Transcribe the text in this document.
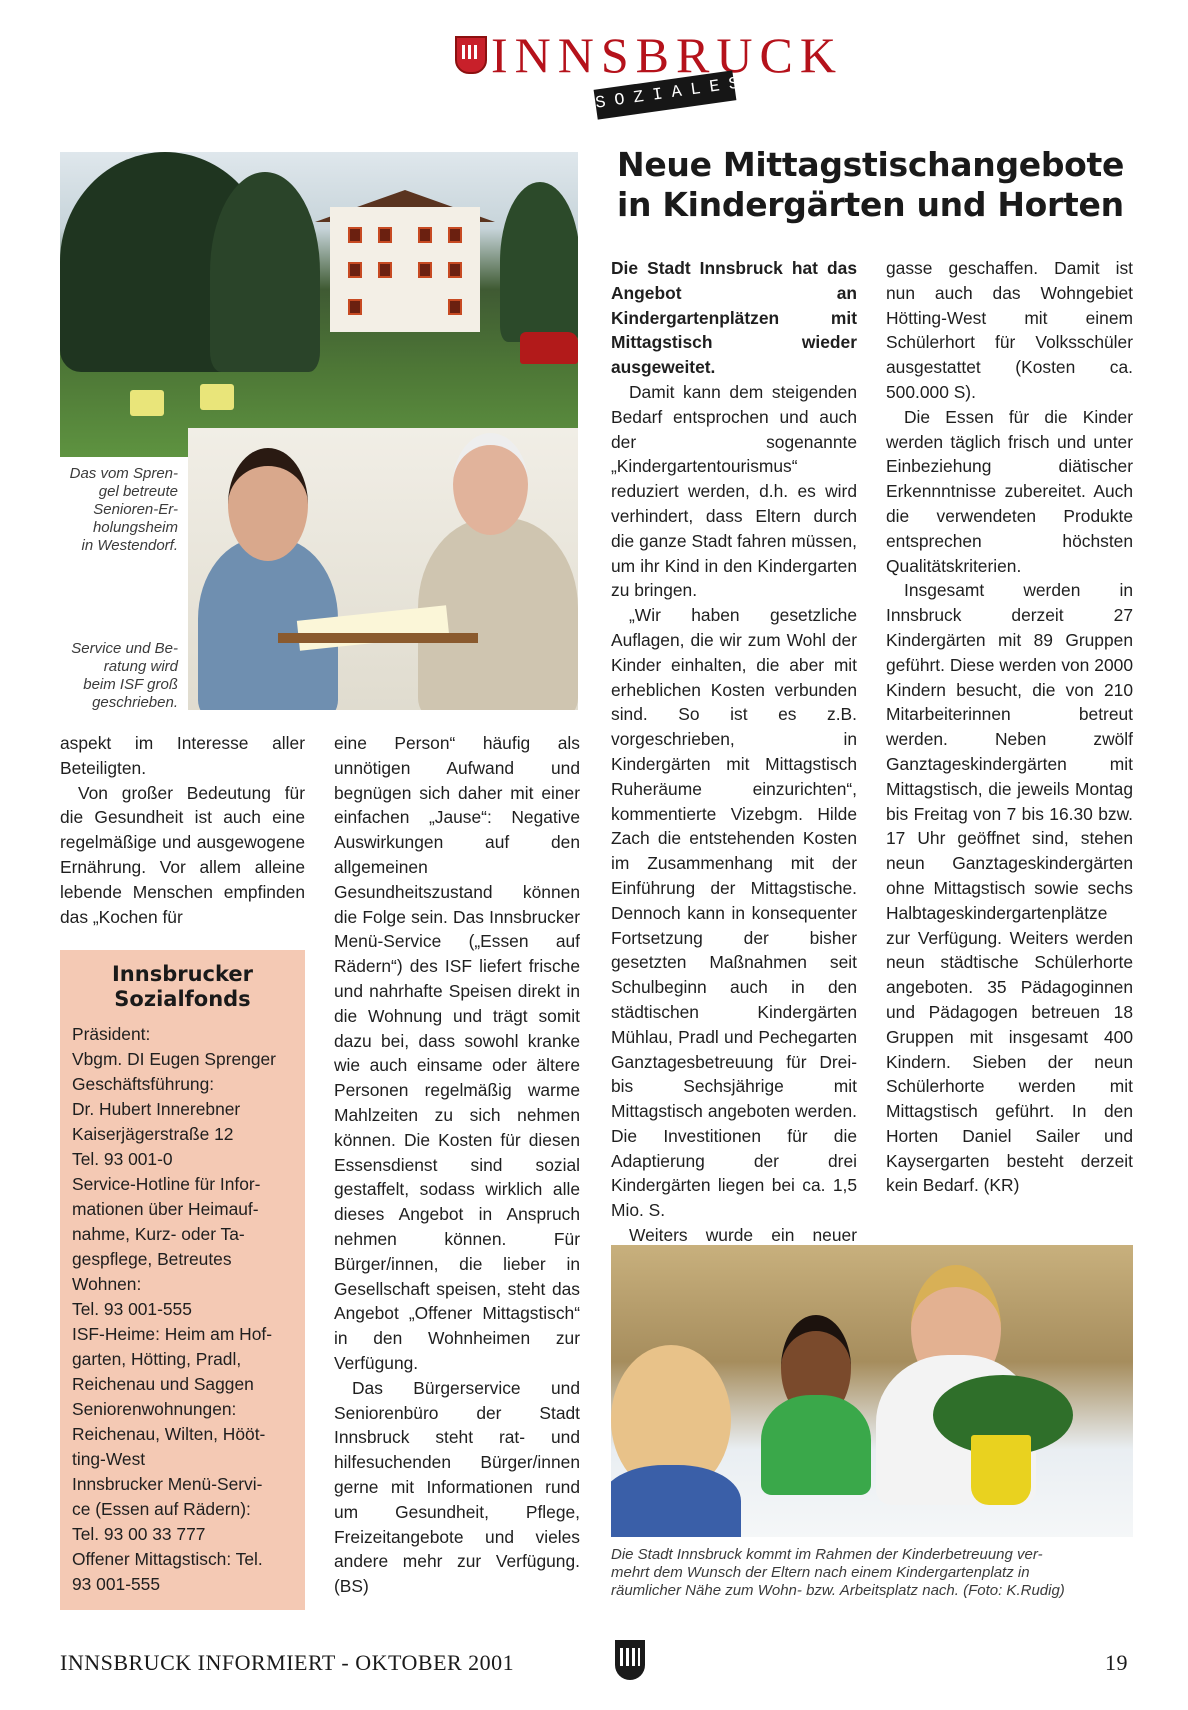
INNSBRUCK
SOZIALES
Das vom Spren-
gel betreute
Senioren-Er-
holungsheim
in Westendorf.
Service und Be-
ratung wird
beim ISF groß
geschrieben.
Neue Mittagstischangebote
in Kindergärten und Horten

aspekt im Interesse aller Beteiligten.

Von großer Bedeutung für die Gesundheit ist auch eine regelmäßige und ausgewogene Ernährung. Vor allem alleine lebende Menschen empfinden das „Kochen für

Innsbrucker
Sozialfonds
Präsident:
Vbgm. DI Eugen Sprenger
Geschäftsführung:
Dr. Hubert Innerebner
Kaiserjägerstraße 12
Tel. 93 001-0
Service-Hotline für Infor-
mationen über Heimauf-
nahme, Kurz- oder Ta-
gespflege, Betreutes
Wohnen:
Tel. 93 001-555
ISF-Heime: Heim am Hof-
garten, Hötting, Pradl,
Reichenau und Saggen
Seniorenwohnungen:
Reichenau, Wilten, Hööt-
ting-West
Innsbrucker Menü-Servi-
ce (Essen auf Rädern):
Tel. 93 00 33 777
Offener Mittagstisch: Tel.
93 001-555

eine Person“ häufig als unnötigen Aufwand und begnügen sich daher mit einer einfachen „Jause“: Negative Auswirkungen auf den allgemeinen Gesundheitszustand können die Folge sein. Das Innsbrucker Menü-Service („Essen auf Rädern“) des ISF liefert frische und nahrhafte Speisen direkt in die Wohnung und trägt somit dazu bei, dass sowohl kranke wie auch einsame oder ältere Personen regelmäßig warme Mahlzeiten zu sich nehmen können. Die Kosten für diesen Essensdienst sind sozial gestaffelt, sodass wirklich alle dieses Angebot in Anspruch nehmen können. Für Bürger/innen, die lieber in Gesellschaft speisen, steht das Angebot „Offener Mittagstisch“ in den Wohnheimen zur Verfügung.

Das Bürgerservice und Seniorenbüro der Stadt Innsbruck steht rat- und hilfesuchenden Bürger/innen gerne mit Informationen rund um Gesundheit, Pflege, Freizeitangebote und vieles andere mehr zur Verfügung. (BS)

Die Stadt Innsbruck hat das Angebot an Kindergartenplätzen mit Mittagstisch wieder ausgeweitet.

Damit kann dem steigenden Bedarf entsprochen und auch der sogenannte „Kindergartentourismus“ reduziert werden, d.h. es wird verhindert, dass Eltern durch die ganze Stadt fahren müssen, um ihr Kind in den Kindergarten zu bringen.

„Wir haben gesetzliche Auflagen, die wir zum Wohl der Kinder einhalten, die aber mit erheblichen Kosten verbunden sind. So ist es z.B. vorgeschrieben, in Kindergärten mit Mittagstisch Ruheräume einzurichten“, kommentierte Vizebgm. Hilde Zach die entstehenden Kosten im Zusammenhang mit der Einführung der Mittagstische. Dennoch kann in konsequenter Fortsetzung der bisher gesetzten Maßnahmen seit Schulbeginn auch in den städtischen Kindergärten Mühlau, Pradl und Pechegarten Ganztagesbetreuung für Drei- bis Sechsjährige mit Mittagstisch angeboten werden. Die Investitionen für die Adaptierung der drei Kindergärten liegen bei ca. 1,5 Mio. S.

Weiters wurde ein neuer

gasse geschaffen. Damit ist nun auch das Wohngebiet Hötting-West mit einem Schülerhort für Volksschüler ausgestattet (Kosten ca. 500.000 S).

Die Essen für die Kinder werden täglich frisch und unter Einbeziehung diätischer Erkennntnisse zubereitet. Auch die verwendeten Produkte entsprechen höchsten Qualitätskriterien.

Insgesamt werden in Innsbruck derzeit 27 Kindergärten mit 89 Gruppen geführt. Diese werden von 2000 Kindern besucht, die von 210 Mitarbeiterinnen betreut werden. Neben zwölf Ganztageskindergärten mit Mittagstisch, die jeweils Montag bis Freitag von 7 bis 16.30 bzw. 17 Uhr geöffnet sind, stehen neun Ganztageskindergärten ohne Mittagstisch sowie sechs Halbtageskindergartenplätze zur Verfügung. Weiters werden neun städtische Schülerhorte angeboten. 35 Pädagoginnen und Pädagogen betreuen 18 Gruppen mit insgesamt 400 Kindern. Sieben der neun Schülerhorte werden mit Mittagstisch geführt. In den Horten Daniel Sailer und Kaysergarten besteht derzeit kein Bedarf. (KR)

Die Stadt Innsbruck kommt im Rahmen der Kinderbetreuung ver-
mehrt dem Wunsch der Eltern nach einem Kindergartenplatz in
räumlicher Nähe zum Wohn- bzw. Arbeitsplatz nach. (Foto: K.Rudig)
INNSBRUCK INFORMIERT - OKTOBER 2001	19
